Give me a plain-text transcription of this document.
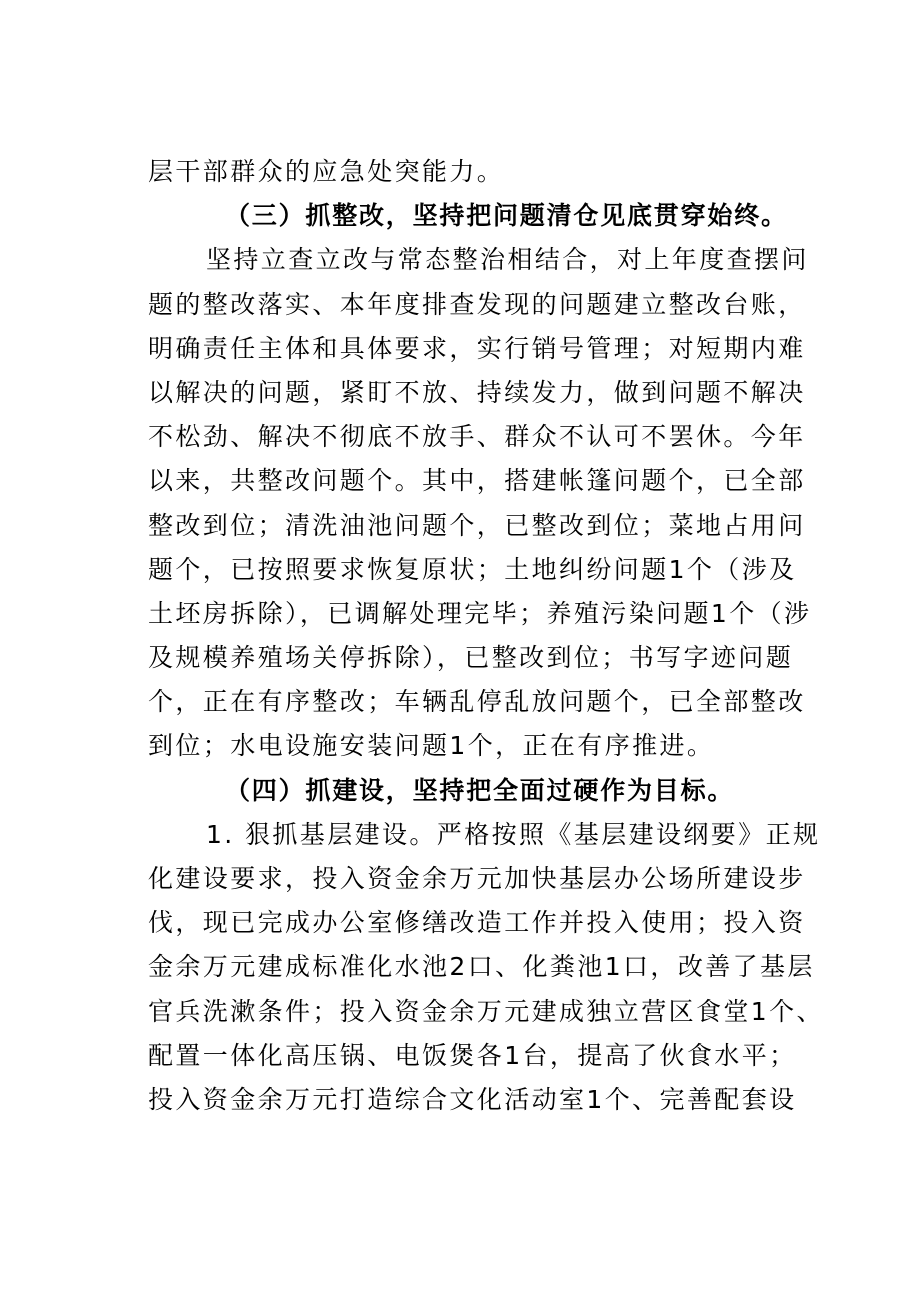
层干部群众的应急处突能力。
（三）抓整改，坚持把问题清仓见底贯穿始终。
坚持立查立改与常态整治相结合，对上年度查摆问
题的整改落实、本年度排查发现的问题建立整改台账，
明确责任主体和具体要求，实行销号管理；对短期内难
以解决的问题，紧盯不放、持续发力，做到问题不解决
不松劲、解决不彻底不放手、群众不认可不罢休。今年
以来，共整改问题个。其中，搭建帐篷问题个，已全部
整改到位；清洗油池问题个，已整改到位；菜地占用问
题个，已按照要求恢复原状；土地纠纷问题1个（涉及
土坯房拆除），已调解处理完毕；养殖污染问题1个（涉
及规模养殖场关停拆除），已整改到位；书写字迹问题
个，正在有序整改；车辆乱停乱放问题个，已全部整改
到位；水电设施安装问题1个，正在有序推进。
（四）抓建设，坚持把全面过硬作为目标。
1. 狠抓基层建设。严格按照《基层建设纲要》正规
化建设要求，投入资金余万元加快基层办公场所建设步
伐，现已完成办公室修缮改造工作并投入使用；投入资
金余万元建成标准化水池2口、化粪池1口，改善了基层
官兵洗漱条件；投入资金余万元建成独立营区食堂1个、
配置一体化高压锅、电饭煲各1台，提高了伙食水平；
投入资金余万元打造综合文化活动室1个、完善配套设
